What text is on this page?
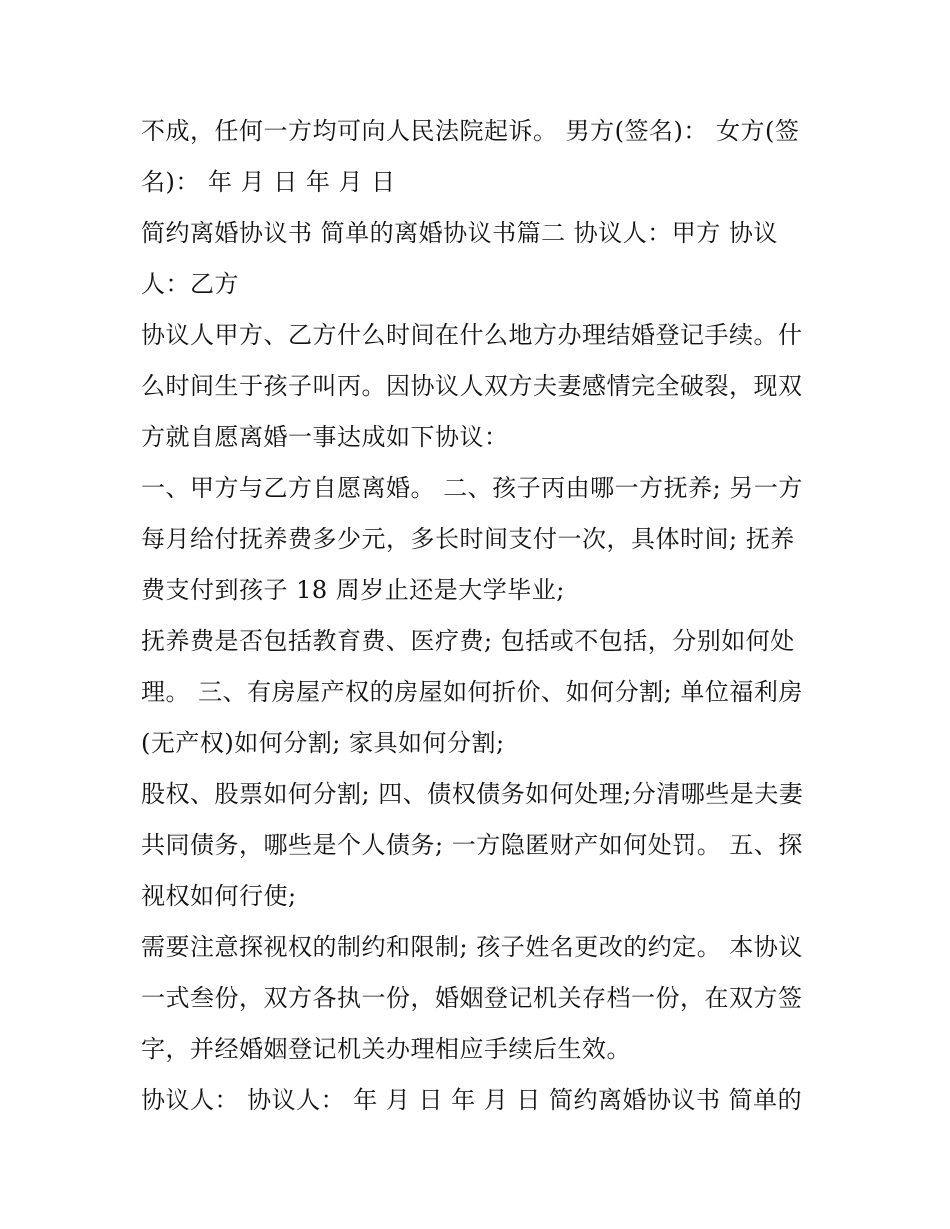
不成，任何一方均可向人民法院起诉。 男方(签名)： 女方(签
名)： 年 月 日 年 月 日
简约离婚协议书 简单的离婚协议书篇二 协议人：甲方 协议
人：乙方
协议人甲方、乙方什么时间在什么地方办理结婚登记手续。什
么时间生于孩子叫丙。因协议人双方夫妻感情完全破裂，现双
方就自愿离婚一事达成如下协议：
一、甲方与乙方自愿离婚。 二、孩子丙由哪一方抚养; 另一方
每月给付抚养费多少元，多长时间支付一次，具体时间; 抚养
费支付到孩子 18 周岁止还是大学毕业;
抚养费是否包括教育费、医疗费; 包括或不包括，分别如何处
理。 三、有房屋产权的房屋如何折价、如何分割; 单位福利房
(无产权)如何分割; 家具如何分割;
股权、股票如何分割; 四、债权债务如何处理;分清哪些是夫妻
共同债务，哪些是个人债务; 一方隐匿财产如何处罚。 五、探
视权如何行使;
需要注意探视权的制约和限制; 孩子姓名更改的约定。 本协议
一式叁份，双方各执一份，婚姻登记机关存档一份，在双方签
字，并经婚姻登记机关办理相应手续后生效。
协议人： 协议人： 年 月 日 年 月 日 简约离婚协议书 简单的
